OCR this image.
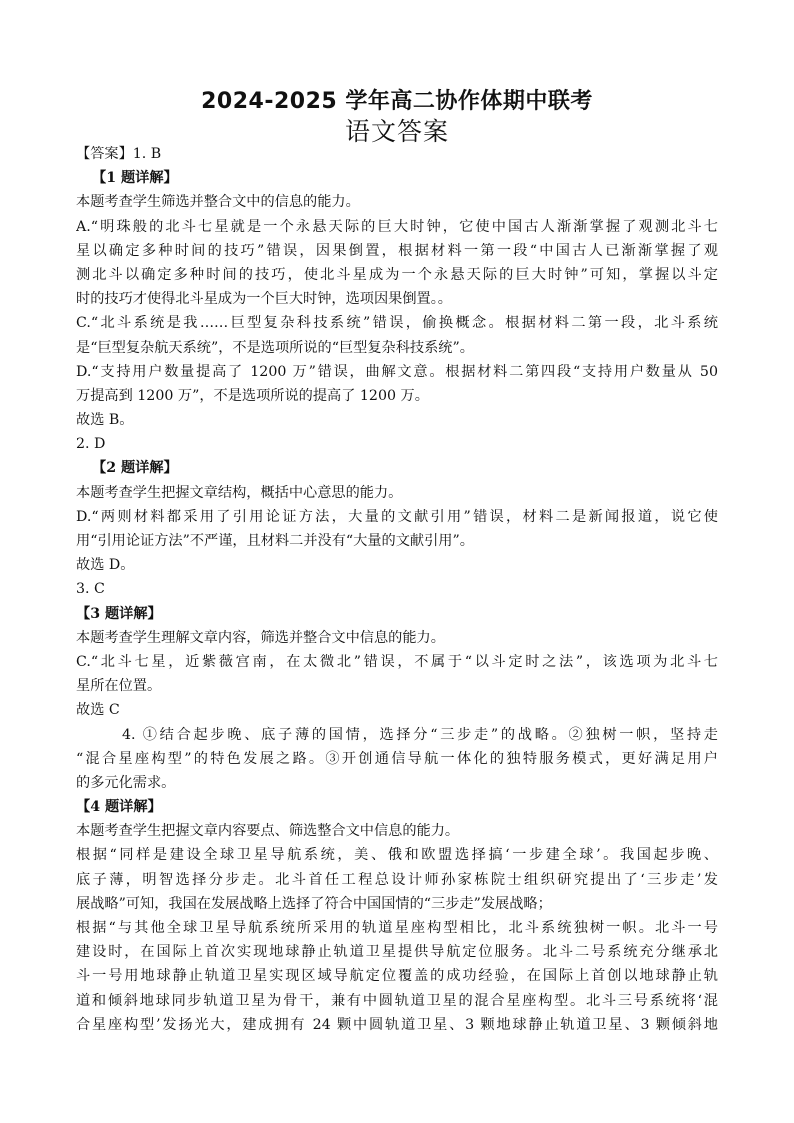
2024-2025 学年高二协作体期中联考
语文答案
【答案】1. B
【1 题详解】
本题考查学生筛选并整合文中的信息的能力。
A.“明珠般的北斗七星就是一个永悬天际的巨大时钟，它使中国古人渐渐掌握了观测北斗七
星以确定多种时间的技巧”错误，因果倒置，根据材料一第一段“中国古人已渐渐掌握了观
测北斗以确定多种时间的技巧，使北斗星成为一个永悬天际的巨大时钟”可知，掌握以斗定
时的技巧才使得北斗星成为一个巨大时钟，选项因果倒置。。
C.“北斗系统是我……巨型复杂科技系统”错误，偷换概念。根据材料二第一段，北斗系统
是“巨型复杂航天系统”，不是选项所说的“巨型复杂科技系统”。
D.“支持用户数量提高了 1200 万”错误，曲解文意。根据材料二第四段“支持用户数量从 50
万提高到 1200 万”，不是选项所说的提高了 1200 万。
故选 B。
2. D
【2 题详解】
本题考查学生把握文章结构，概括中心意思的能力。
D.“两则材料都采用了引用论证方法，大量的文献引用”错误，材料二是新闻报道，说它使
用“引用论证方法”不严谨，且材料二并没有“大量的文献引用”。
故选 D。
3. C
【3 题详解】
本题考查学生理解文章内容，筛选并整合文中信息的能力。
C.“北斗七星，近紫薇宫南，在太微北”错误，不属于“以斗定时之法”，该选项为北斗七
星所在位置。
故选 C
4. ①结合起步晚、底子薄的国情，选择分“三步走”的战略。②独树一帜，坚持走
“混合星座构型”的特色发展之路。③开创通信导航一体化的独特服务模式，更好满足用户
的多元化需求。
【4 题详解】
本题考查学生把握文章内容要点、筛选整合文中信息的能力。
根据“同样是建设全球卫星导航系统，美、俄和欧盟选择搞‘一步建全球’。我国起步晚、
底子薄，明智选择分步走。北斗首任工程总设计师孙家栋院士组织研究提出了‘三步走’发
展战略”可知，我国在发展战略上选择了符合中国国情的“三步走”发展战略；
根据“与其他全球卫星导航系统所采用的轨道星座构型相比，北斗系统独树一帜。北斗一号
建设时，在国际上首次实现地球静止轨道卫星提供导航定位服务。北斗二号系统充分继承北
斗一号用地球静止轨道卫星实现区域导航定位覆盖的成功经验，在国际上首创以地球静止轨
道和倾斜地球同步轨道卫星为骨干，兼有中圆轨道卫星的混合星座构型。北斗三号系统将‘混
合星座构型’发扬光大，建成拥有 24 颗中圆轨道卫星、3 颗地球静止轨道卫星、3 颗倾斜地
